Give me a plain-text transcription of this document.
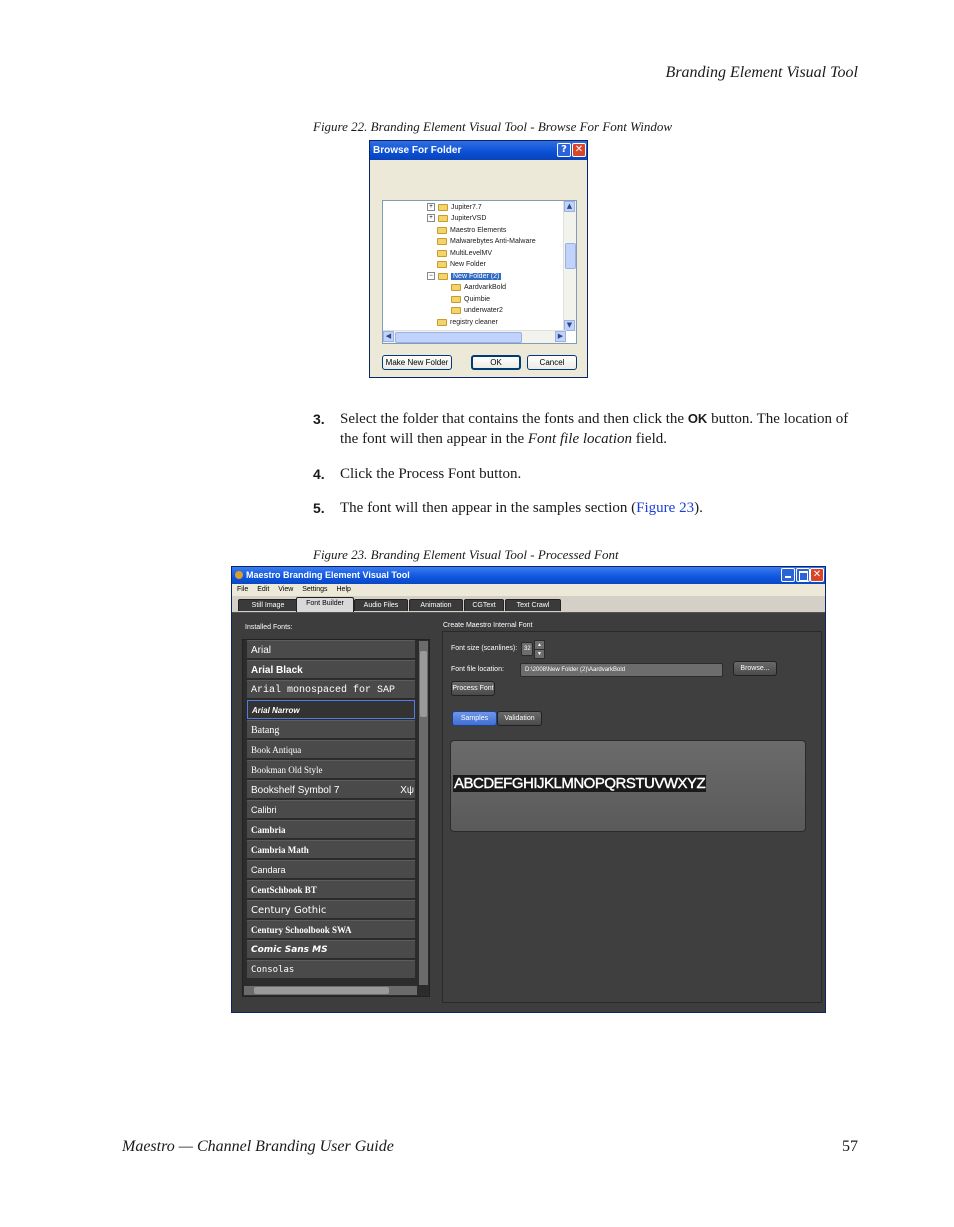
Branding Element Visual Tool
Figure 22. Branding Element Visual Tool - Browse For Font Window
Browse For Folder	? ✕
+	Jupiter7.7
+	JupiterVSD
Maestro Elements
Malwarebytes Anti-Malware
MultiLevelMV
New Folder
−	New Folder (2)
AardvarkBold
Quimbie
underwater2
registry cleaner
▲
▼
◀	▶
Make New Folder	OK	Cancel
3. Select the folder that contains the fonts and then click the OK button. The location of the font will then appear in the Font file location field.
4. Click the Process Font button.
5. The font will then appear in the samples section (Figure 23).
Figure 23. Branding Element Visual Tool - Processed Font
Maestro Branding Element Visual Tool	✕
File Edit View Settings Help
Still Image	Font Builder	Audio Files	Animation	CGText	Text Crawl
Installed Fonts:
Arial
Arial Black
Arial monospaced for SAP
Arial Narrow
Batang
Book Antiqua
Bookman Old Style
Bookshelf Symbol 7	Χψ
Calibri
Cambria
Cambria Math
Candara
CentSchbook BT
Century Gothic
Century Schoolbook SWA
Comic Sans MS
Consolas
Create Maestro Internal Font
Font size (scanlines):	32
▲
▼
Font file location:	D:\2008\New Folder (2)\AardvarkBold	Browse...
Process Font
Samples	Validation
ABCDEFGHIJKLMNOPQRSTUVWXYZ
Maestro — Channel Branding User Guide	57
